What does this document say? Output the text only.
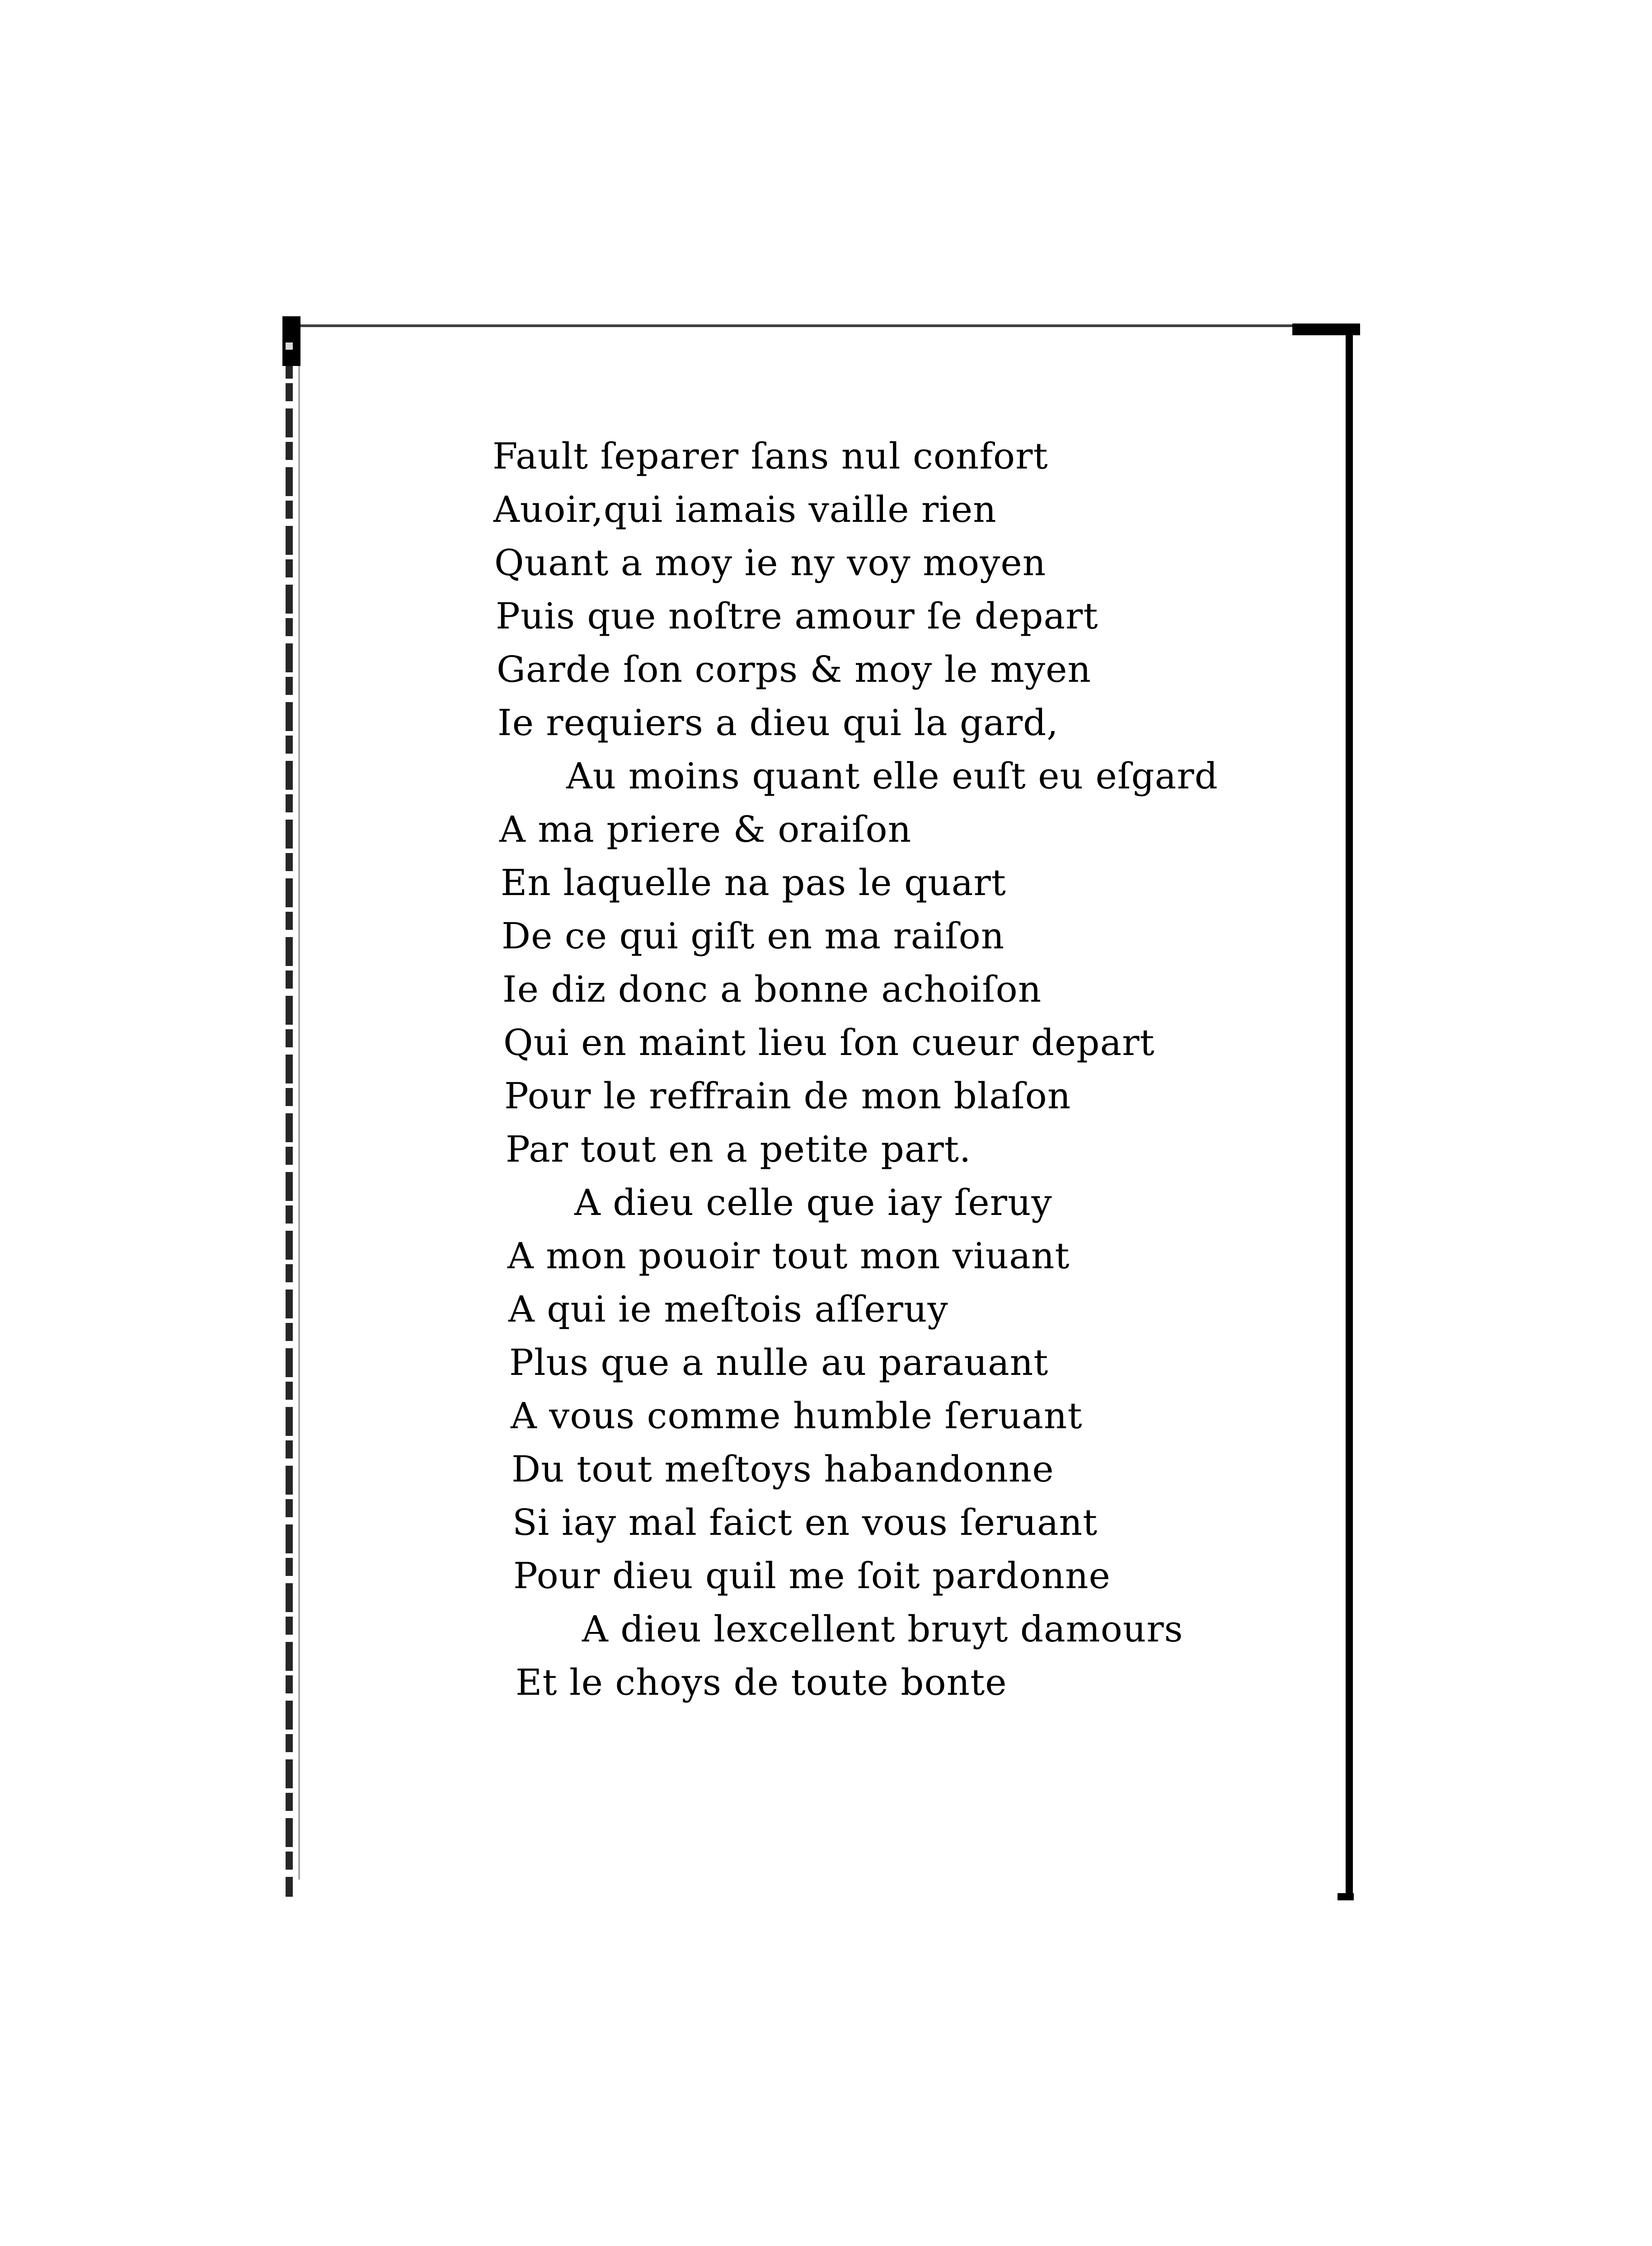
Fault ſeparer ſans nul confort
Auoir,qui iamais vaille rien
Quant a moy ie ny voy moyen
Puis que noſtre amour ſe depart
Garde ſon corps & moy le myen
Ie requiers a dieu qui la gard,
Au moins quant elle euſt eu eſgard
A ma priere & oraiſon
En laquelle na pas le quart
De ce qui giſt en ma raiſon
Ie diz donc a bonne achoiſon
Qui en maint lieu ſon cueur depart
Pour le reffrain de mon blaſon
Par tout en a petite part.
A dieu celle que iay ſeruy
A mon pouoir tout mon viuant
A qui ie meſtois aſſeruy
Plus que a nulle au parauant
A vous comme humble ſeruant
Du tout meſtoys habandonne
Si iay mal faict en vous ſeruant
Pour dieu quil me ſoit pardonne
A dieu lexcellent bruyt damours
Et le choys de toute bonte
